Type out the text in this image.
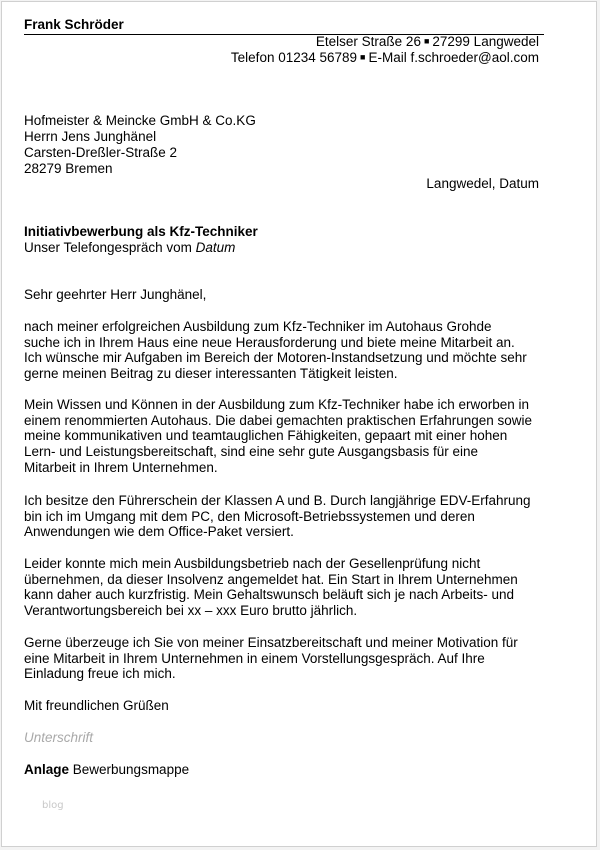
Frank Schröder
Etelser Straße 26 ■ 27299 Langwedel
Telefon 01234 56789 ■ E-Mail f.schroeder@aol.com
Hofmeister & Meincke GmbH & Co.KG
Herrn Jens Junghänel
Carsten-Dreßler-Straße 2
28279 Bremen
Langwedel, Datum
Initiativbewerbung als Kfz-Techniker
Unser Telefongespräch vom Datum
Sehr geehrter Herr Junghänel,
nach meiner erfolgreichen Ausbildung zum Kfz-Techniker im Autohaus Grohde
suche ich in Ihrem Haus eine neue Herausforderung und biete meine Mitarbeit an.
Ich wünsche mir Aufgaben im Bereich der Motoren-Instandsetzung und möchte sehr
gerne meinen Beitrag zu dieser interessanten Tätigkeit leisten.
Mein Wissen und Können in der Ausbildung zum Kfz-Techniker habe ich erworben in
einem renommierten Autohaus. Die dabei gemachten praktischen Erfahrungen sowie
meine kommunikativen und teamtauglichen Fähigkeiten, gepaart mit einer hohen
Lern- und Leistungsbereitschaft, sind eine sehr gute Ausgangsbasis für eine
Mitarbeit in Ihrem Unternehmen.
Ich besitze den Führerschein der Klassen A und B. Durch langjährige EDV-Erfahrung
bin ich im Umgang mit dem PC, den Microsoft-Betriebssystemen und deren
Anwendungen wie dem Office-Paket versiert.
Leider konnte mich mein Ausbildungsbetrieb nach der Gesellenprüfung nicht
übernehmen, da dieser Insolvenz angemeldet hat. Ein Start in Ihrem Unternehmen
kann daher auch kurzfristig. Mein Gehaltswunsch beläuft sich je nach Arbeits- und
Verantwortungsbereich bei xx – xxx Euro brutto jährlich.
Gerne überzeuge ich Sie von meiner Einsatzbereitschaft und meiner Motivation für
eine Mitarbeit in Ihrem Unternehmen in einem Vorstellungsgespräch. Auf Ihre
Einladung freue ich mich.
Mit freundlichen Grüßen
Unterschrift
Anlage Bewerbungsmappe
blog
